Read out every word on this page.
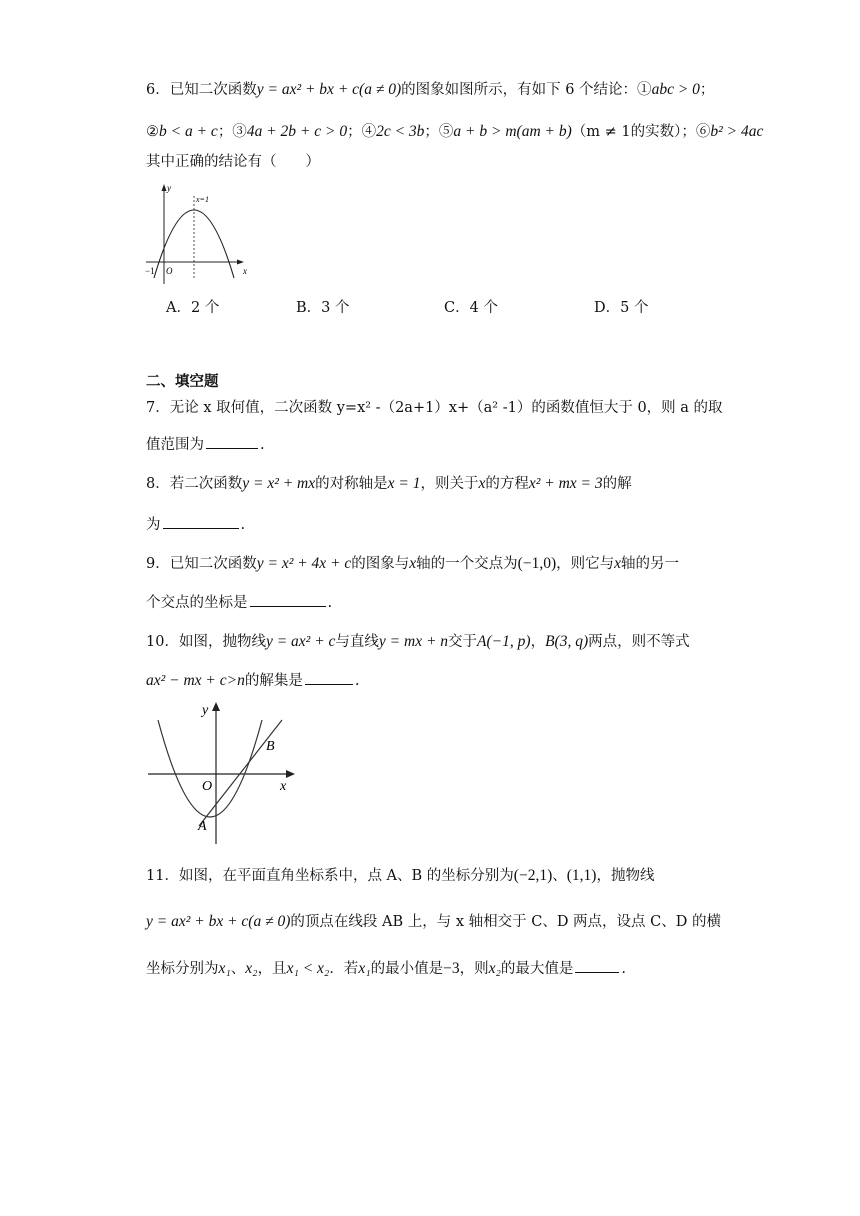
6．已知二次函数y = ax² + bx + c(a ≠ 0)的图象如图所示，有如下 6 个结论：①abc > 0；
②b < a + c；③4a + 2b + c > 0；④2c < 3b；⑤a + b > m(am + b)（m ≠ 1的实数）；⑥b² > 4ac
其中正确的结论有（　　）
y
x
O
−1
x=1
A．2 个	B．3 个	C．4 个	D．5 个
二、填空题
7．无论 x 取何值，二次函数 y=x² -（2a+1）x+（a² -1）的函数值恒大于 0，则 a 的取
值范围为	.
8．若二次函数y = x² + mx的对称轴是x = 1，则关于x的方程x² + mx = 3的解
为	.
9．已知二次函数y = x² + 4x + c的图象与x轴的一个交点为(−1,0)，则它与x轴的另一
个交点的坐标是	.
10．如图，抛物线y = ax² + c与直线y = mx + n交于A(−1, p)，B(3, q)两点，则不等式
ax² − mx + c>n的解集是	.
y
x
O
A
B
11．如图，在平面直角坐标系中，点 A、B 的坐标分别为(−2,1)、(1,1)，抛物线
y = ax² + bx + c(a ≠ 0)的顶点在线段 AB 上，与 x 轴相交于 C、D 两点，设点 C、D 的横
坐标分别为x₁、x₂，且x₁ < x₂．若x₁的最小值是−3，则x₂的最大值是	.
